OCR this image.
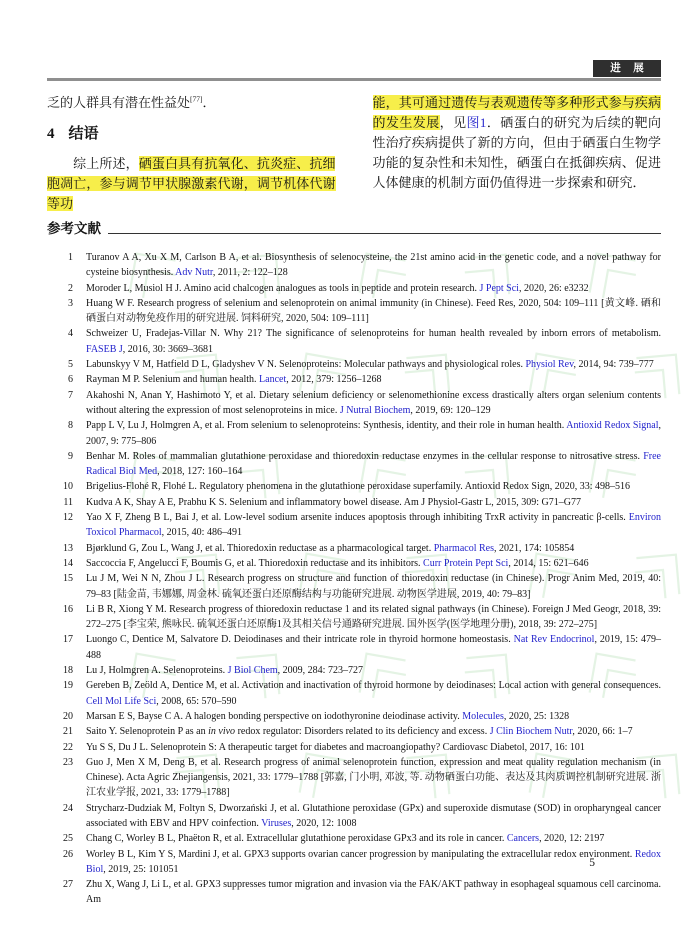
进 展

乏的人群具有潜在性益处[77]．

4 结语

综上所述，硒蛋白具有抗氧化、抗炎症、抗细胞凋亡，参与调节甲状腺激素代谢，调节机体代谢等功

能，其可通过遗传与表观遗传等多种形式参与疾病的发生发展，见图1．硒蛋白的研究为后续的靶向性治疗疾病提供了新的方向，但由于硒蛋白生物学功能的复杂性和未知性，硒蛋白在抵御疾病、促进人体健康的机制方面仍值得进一步探索和研究．

参考文献
1 Turanov A A, Xu X M, Carlson B A, et al. Biosynthesis of selenocysteine, the 21st amino acid in the genetic code, and a novel pathway for cysteine biosynthesis. Adv Nutr, 2011, 2: 122–128
2 Moroder L, Musiol H J. Amino acid chalcogen analogues as tools in peptide and protein research. J Pept Sci, 2020, 26: e3232
3 Huang W F. Research progress of selenium and selenoprotein on animal immunity (in Chinese). Feed Res, 2020, 504: 109–111 [黄文峰. 硒和硒蛋白对动物免疫作用的研究进展. 饲料研究, 2020, 504: 109–111]
4 Schweizer U, Fradejas-Villar N. Why 21? The significance of selenoproteins for human health revealed by inborn errors of metabolism. FASEB J, 2016, 30: 3669–3681
5 Labunskyy V M, Hatfield D L, Gladyshev V N. Selenoproteins: Molecular pathways and physiological roles. Physiol Rev, 2014, 94: 739–777
6 Rayman M P. Selenium and human health. Lancet, 2012, 379: 1256–1268
7 Akahoshi N, Anan Y, Hashimoto Y, et al. Dietary selenium deficiency or selenomethionine excess drastically alters organ selenium contents without altering the expression of most selenoproteins in mice. J Nutral Biochem, 2019, 69: 120–129
8 Papp L V, Lu J, Holmgren A, et al. From selenium to selenoproteins: Synthesis, identity, and their role in human health. Antioxid Redox Signal, 2007, 9: 775–806
9 Benhar M. Roles of mammalian glutathione peroxidase and thioredoxin reductase enzymes in the cellular response to nitrosative stress. Free Radical Biol Med, 2018, 127: 160–164
10 Brigelius-Flohé R, Flohé L. Regulatory phenomena in the glutathione peroxidase superfamily. Antioxid Redox Sign, 2020, 33: 498–516
11 Kudva A K, Shay A E, Prabhu K S. Selenium and inflammatory bowel disease. Am J Physiol-Gastr L, 2015, 309: G71–G77
12 Yao X F, Zheng B L, Bai J, et al. Low-level sodium arsenite induces apoptosis through inhibiting TrxR activity in pancreatic β-cells. Environ Toxicol Pharmacol, 2015, 40: 486–491
13 Bjørklund G, Zou L, Wang J, et al. Thioredoxin reductase as a pharmacological target. Pharmacol Res, 2021, 174: 105854
14 Saccoccia F, Angelucci F, Boumis G, et al. Thioredoxin reductase and its inhibitors. Curr Protein Pept Sci, 2014, 15: 621–646
15 Lu J M, Wei N N, Zhou J L. Research progress on structure and function of thioredoxin reductase (in Chinese). Progr Anim Med, 2019, 40: 79–83 [陆金苗, 韦娜娜, 周金林. 硫氧还蛋白还原酶结构与功能研究进展. 动物医学进展, 2019, 40: 79–83]
16 Li B R, Xiong Y M. Research progress of thioredoxin reductase 1 and its related signal pathways (in Chinese). Foreign J Med Geogr, 2018, 39: 272–275 [李宝荣, 熊咏民. 硫氧还蛋白还原酶1及其相关信号通路研究进展. 国外医学(医学地理分册), 2018, 39: 272–275]
17 Luongo C, Dentice M, Salvatore D. Deiodinases and their intricate role in thyroid hormone homeostasis. Nat Rev Endocrinol, 2019, 15: 479–488
18 Lu J, Holmgren A. Selenoproteins. J Biol Chem, 2009, 284: 723–727
19 Gereben B, Zeöld A, Dentice M, et al. Activation and inactivation of thyroid hormone by deiodinases: Local action with general consequences. Cell Mol Life Sci, 2008, 65: 570–590
20 Marsan E S, Bayse C A. A halogen bonding perspective on iodothyronine deiodinase activity. Molecules, 2020, 25: 1328
21 Saito Y. Selenoprotein P as an in vivo redox regulator: Disorders related to its deficiency and excess. J Clin Biochem Nutr, 2020, 66: 1–7
22 Yu S S, Du J L. Selenoprotein S: A therapeutic target for diabetes and macroangiopathy? Cardiovasc Diabetol, 2017, 16: 101
23 Guo J, Men X M, Deng B, et al. Research progress of animal selenoprotein function, expression and meat quality regulation mechanism (in Chinese). Acta Agric Zhejiangensis, 2021, 33: 1779–1788 [郭嘉, 门小明, 邓波, 等. 动物硒蛋白功能、表达及其肉质调控机制研究进展. 浙江农业学报, 2021, 33: 1779–1788]
24 Strycharz-Dudziak M, Foltyn S, Dworzański J, et al. Glutathione peroxidase (GPx) and superoxide dismutase (SOD) in oropharyngeal cancer associated with EBV and HPV coinfection. Viruses, 2020, 12: 1008
25 Chang C, Worley B L, Phaëton R, et al. Extracellular glutathione peroxidase GPx3 and its role in cancer. Cancers, 2020, 12: 2197
26 Worley B L, Kim Y S, Mardini J, et al. GPX3 supports ovarian cancer progression by manipulating the extracellular redox environment. Redox Biol, 2019, 25: 101051
27 Zhu X, Wang J, Li L, et al. GPX3 suppresses tumor migration and invasion via the FAK/AKT pathway in esophageal squamous cell carcinoma. Am
5
